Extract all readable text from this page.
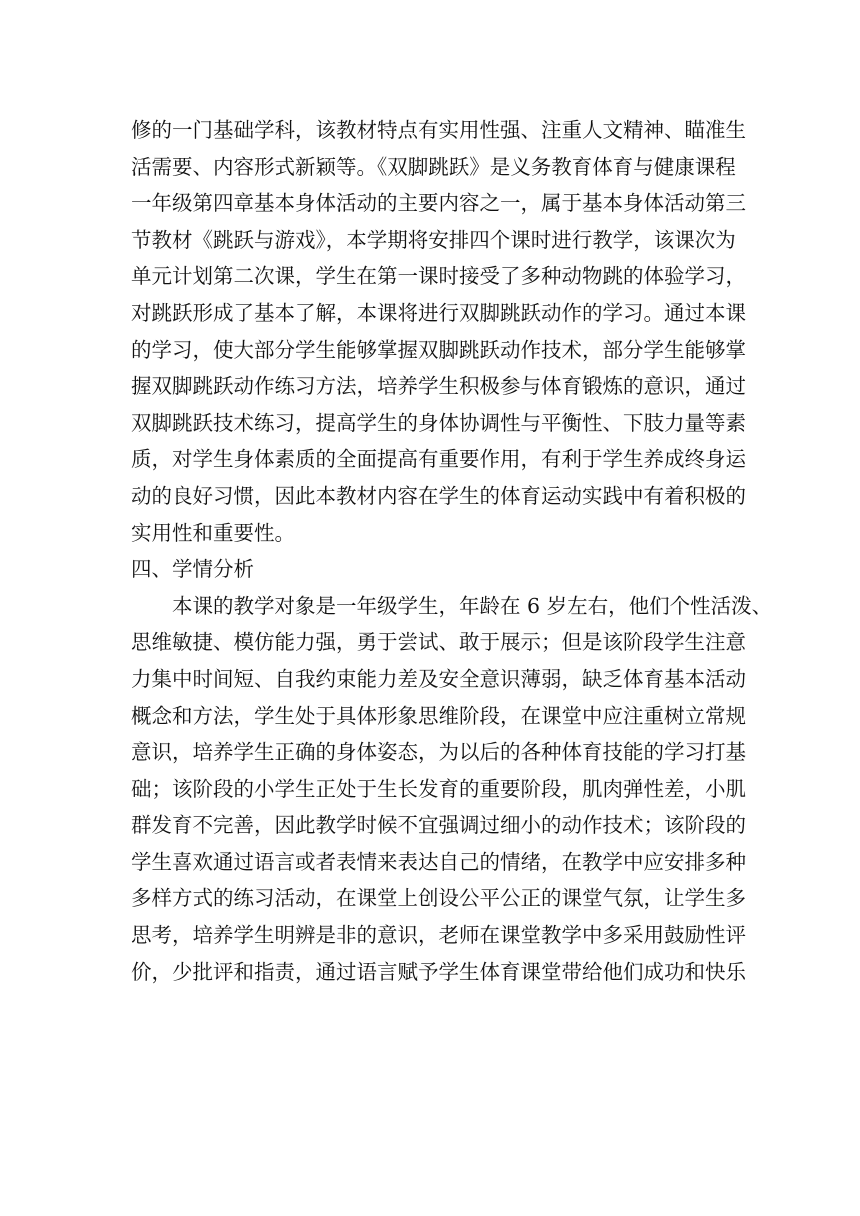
修的一门基础学科，该教材特点有实用性强、注重人文精神、瞄准生
活需要、内容形式新颖等。《双脚跳跃》是义务教育体育与健康课程
一年级第四章基本身体活动的主要内容之一，属于基本身体活动第三
节教材《跳跃与游戏》，本学期将安排四个课时进行教学，该课次为
单元计划第二次课，学生在第一课时接受了多种动物跳的体验学习，
对跳跃形成了基本了解，本课将进行双脚跳跃动作的学习。通过本课
的学习，使大部分学生能够掌握双脚跳跃动作技术，部分学生能够掌
握双脚跳跃动作练习方法，培养学生积极参与体育锻炼的意识，通过
双脚跳跃技术练习，提高学生的身体协调性与平衡性、下肢力量等素
质，对学生身体素质的全面提高有重要作用，有利于学生养成终身运
动的良好习惯，因此本教材内容在学生的体育运动实践中有着积极的
实用性和重要性。
四、学情分析
本课的教学对象是一年级学生，年龄在 6 岁左右，他们个性活泼、
思维敏捷、模仿能力强，勇于尝试、敢于展示；但是该阶段学生注意
力集中时间短、自我约束能力差及安全意识薄弱，缺乏体育基本活动
概念和方法，学生处于具体形象思维阶段，在课堂中应注重树立常规
意识，培养学生正确的身体姿态，为以后的各种体育技能的学习打基
础；该阶段的小学生正处于生长发育的重要阶段，肌肉弹性差，小肌
群发育不完善，因此教学时候不宜强调过细小的动作技术；该阶段的
学生喜欢通过语言或者表情来表达自己的情绪，在教学中应安排多种
多样方式的练习活动，在课堂上创设公平公正的课堂气氛，让学生多
思考，培养学生明辨是非的意识，老师在课堂教学中多采用鼓励性评
价，少批评和指责，通过语言赋予学生体育课堂带给他们成功和快乐
